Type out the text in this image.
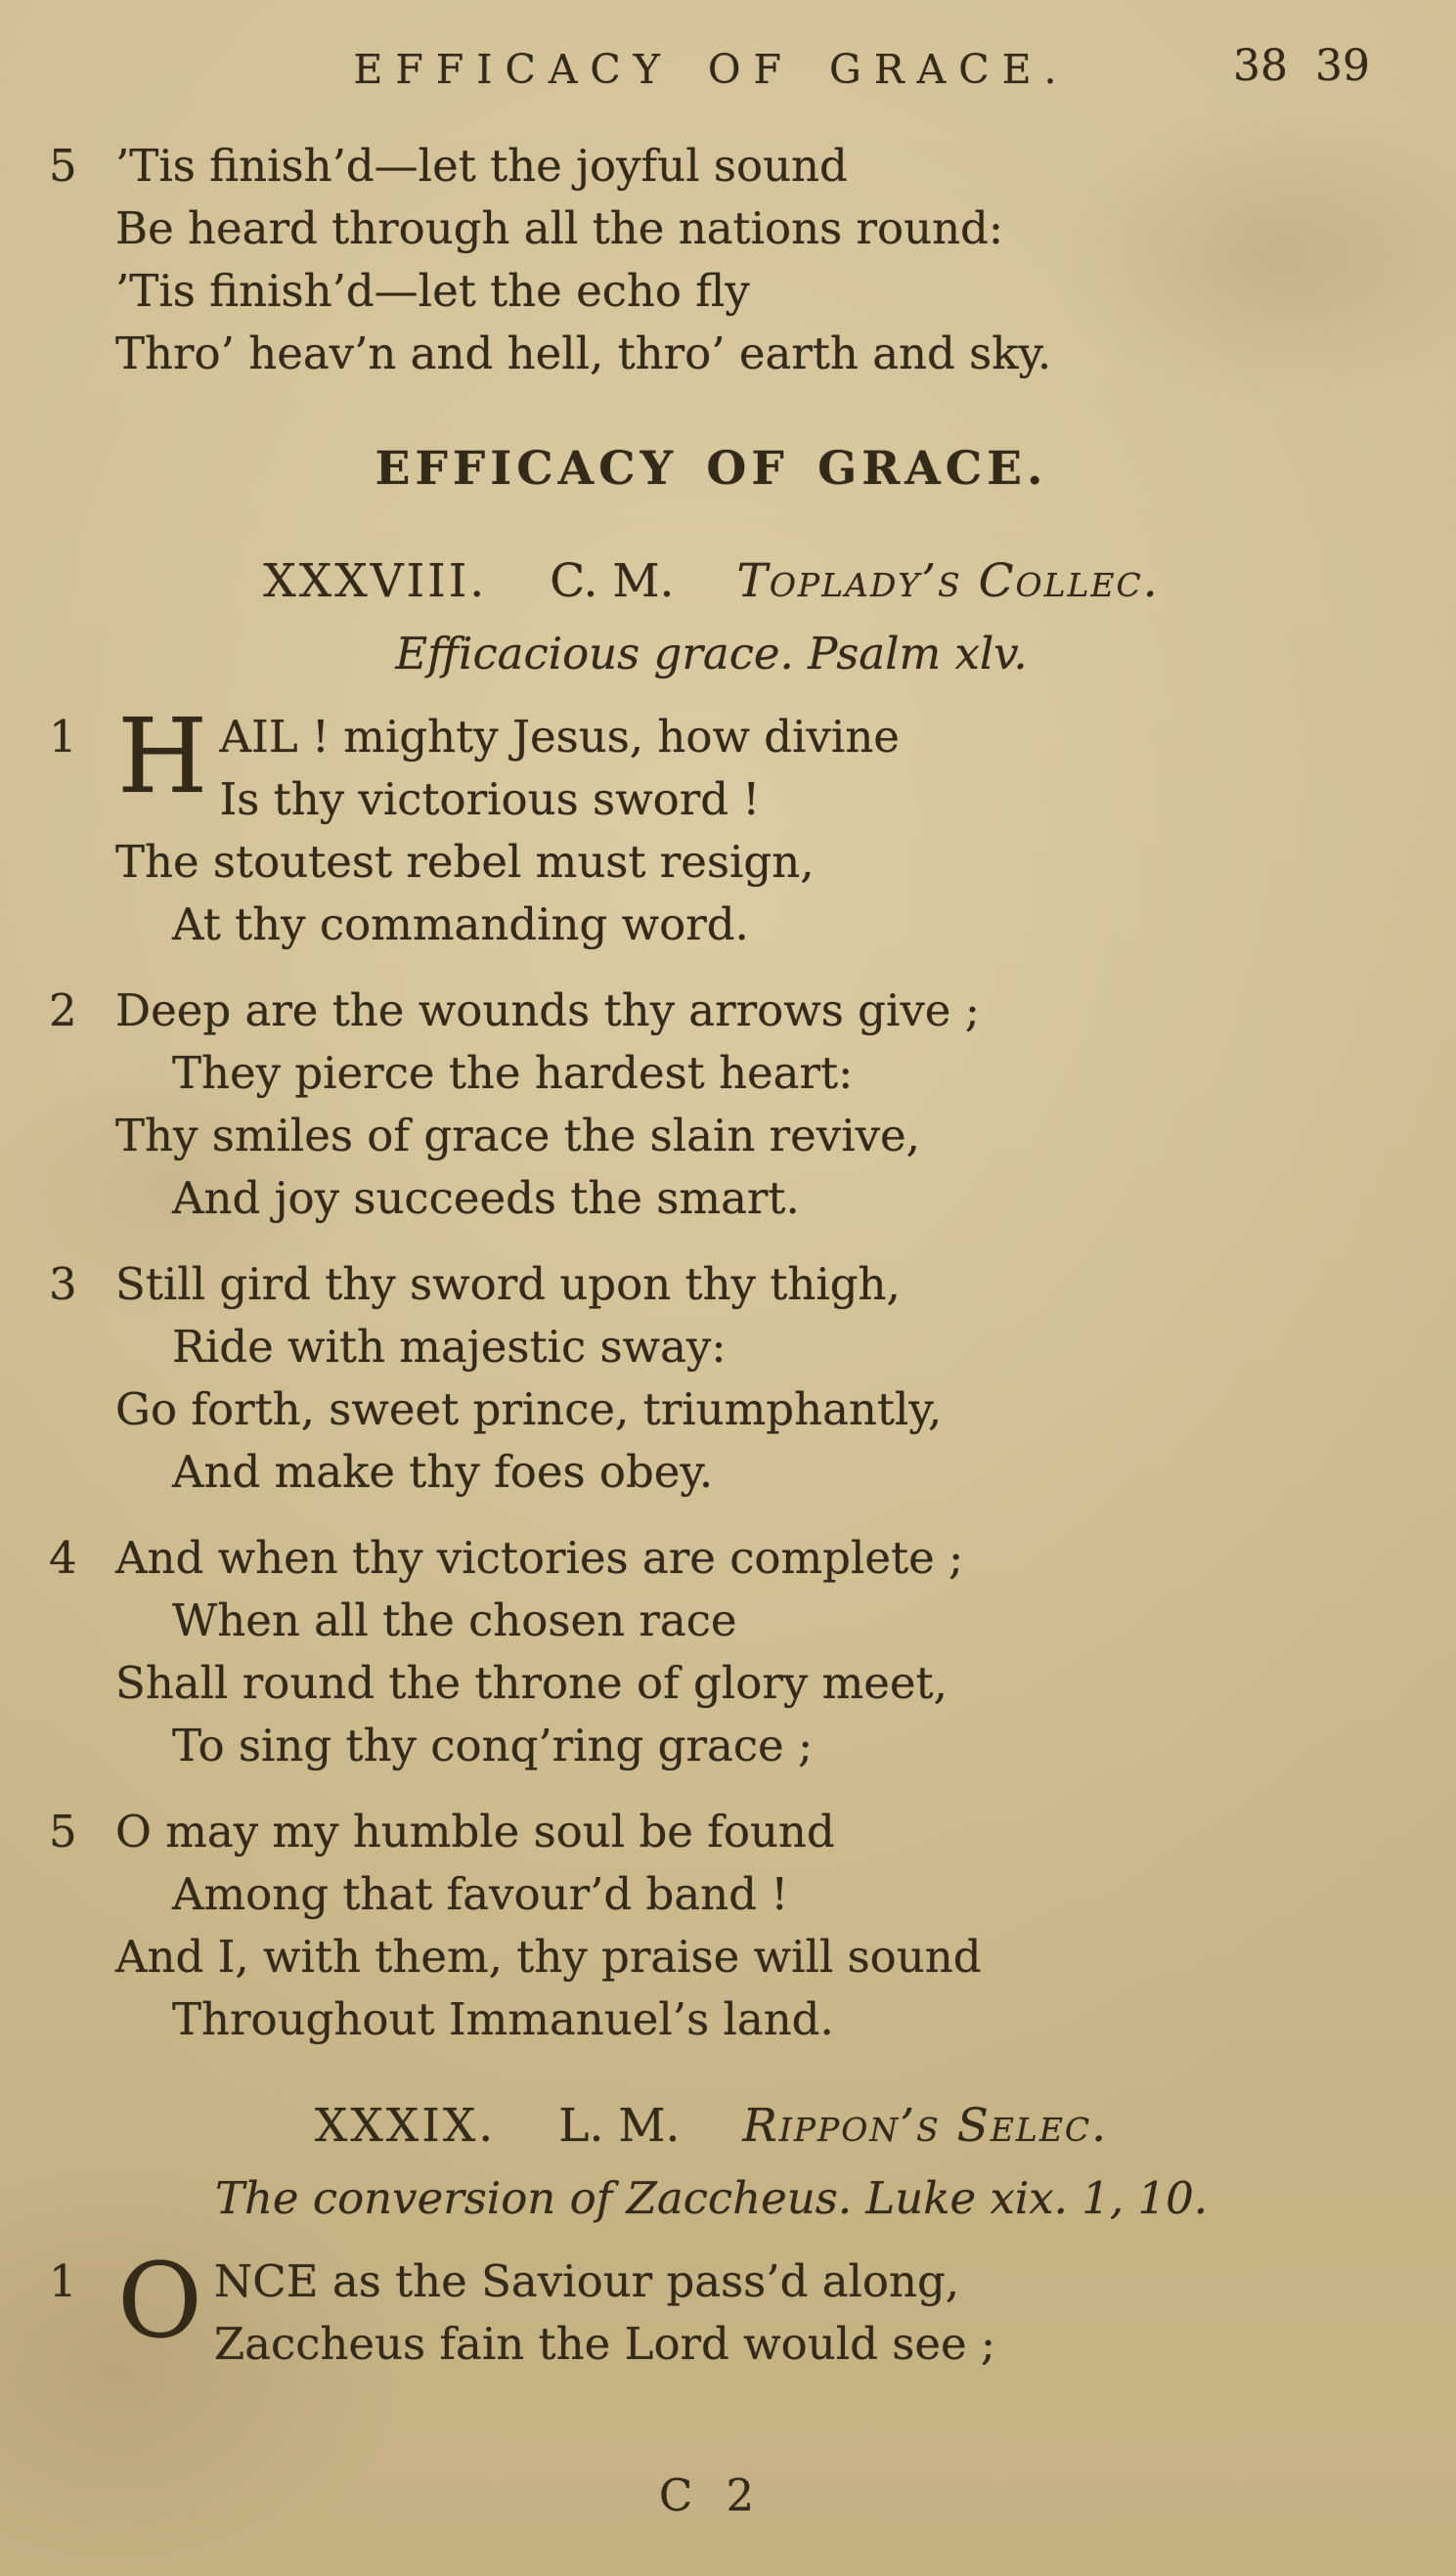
EFFICACY OF GRACE.	38 39
5 ’Tis finish’d—let the joyful sound
Be heard through all the nations round:
’Tis finish’d—let the echo fly
Thro’ heav’n and hell, thro’ earth and sky.
EFFICACY OF GRACE.
XXXVIII. C. M. Toplady’s Collec.
Efficacious grace. Psalm xlv.
1 H AIL ! mighty Jesus, how divine
Is thy victorious sword !
The stoutest rebel must resign,
At thy commanding word.
2 Deep are the wounds thy arrows give ;
They pierce the hardest heart:
Thy smiles of grace the slain revive,
And joy succeeds the smart.
3 Still gird thy sword upon thy thigh,
Ride with majestic sway:
Go forth, sweet prince, triumphantly,
And make thy foes obey.
4 And when thy victories are complete ;
When all the chosen race
Shall round the throne of glory meet,
To sing thy conq’ring grace ;
5 O may my humble soul be found
Among that favour’d band !
And I, with them, thy praise will sound
Throughout Immanuel’s land.
XXXIX. L. M. Rippon’s Selec.
The conversion of Zaccheus. Luke xix. 1, 10.
1 O NCE as the Saviour pass’d along,
Zaccheus fain the Lord would see ;
C 2
